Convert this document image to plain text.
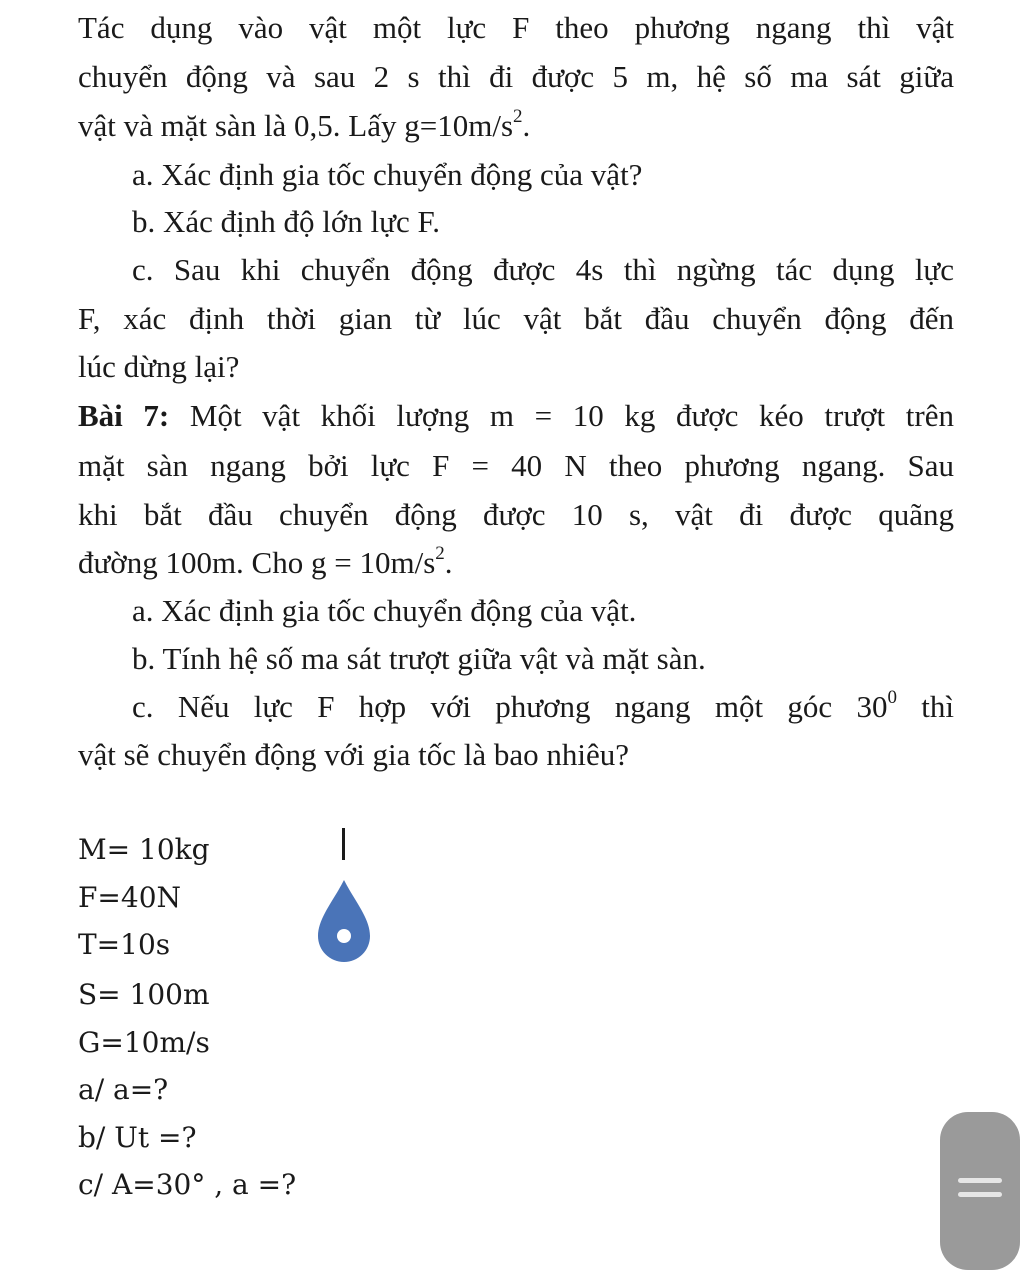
Tác dụng vào vật một lực F theo phương ngang thì vật
chuyển động và sau 2 s thì đi được 5 m, hệ số ma sát giữa
vật và mặt sàn là 0,5. Lấy $g=10m/s^2$.
a. Xác định gia tốc chuyển động của vật?
b. Xác định độ lớn lực F.
c. Sau khi chuyển động được 4s thì ngừng tác dụng lực
F, xác định thời gian từ lúc vật bắt đầu chuyển động đến
lúc dừng lại?
Bài 7: Một vật khối lượng m = 10 kg được kéo trượt trên
mặt sàn ngang bởi lực F = 40 N theo phương ngang. Sau
khi bắt đầu chuyển động được 10 s, vật đi được quãng
đường 100m. Cho $g = 10m/s^2$.
a. Xác định gia tốc chuyển động của vật.
b. Tính hệ số ma sát trượt giữa vật và mặt sàn.
c. Nếu lực F hợp với phương ngang một góc $30^0$ thì
vật sẽ chuyển động với gia tốc là bao nhiêu?
M= 10kg
F=40N
T=10s
S= 100m
G=10m/s
a/ a=?
b/ Ut =?
c/ A=30° , a =?
